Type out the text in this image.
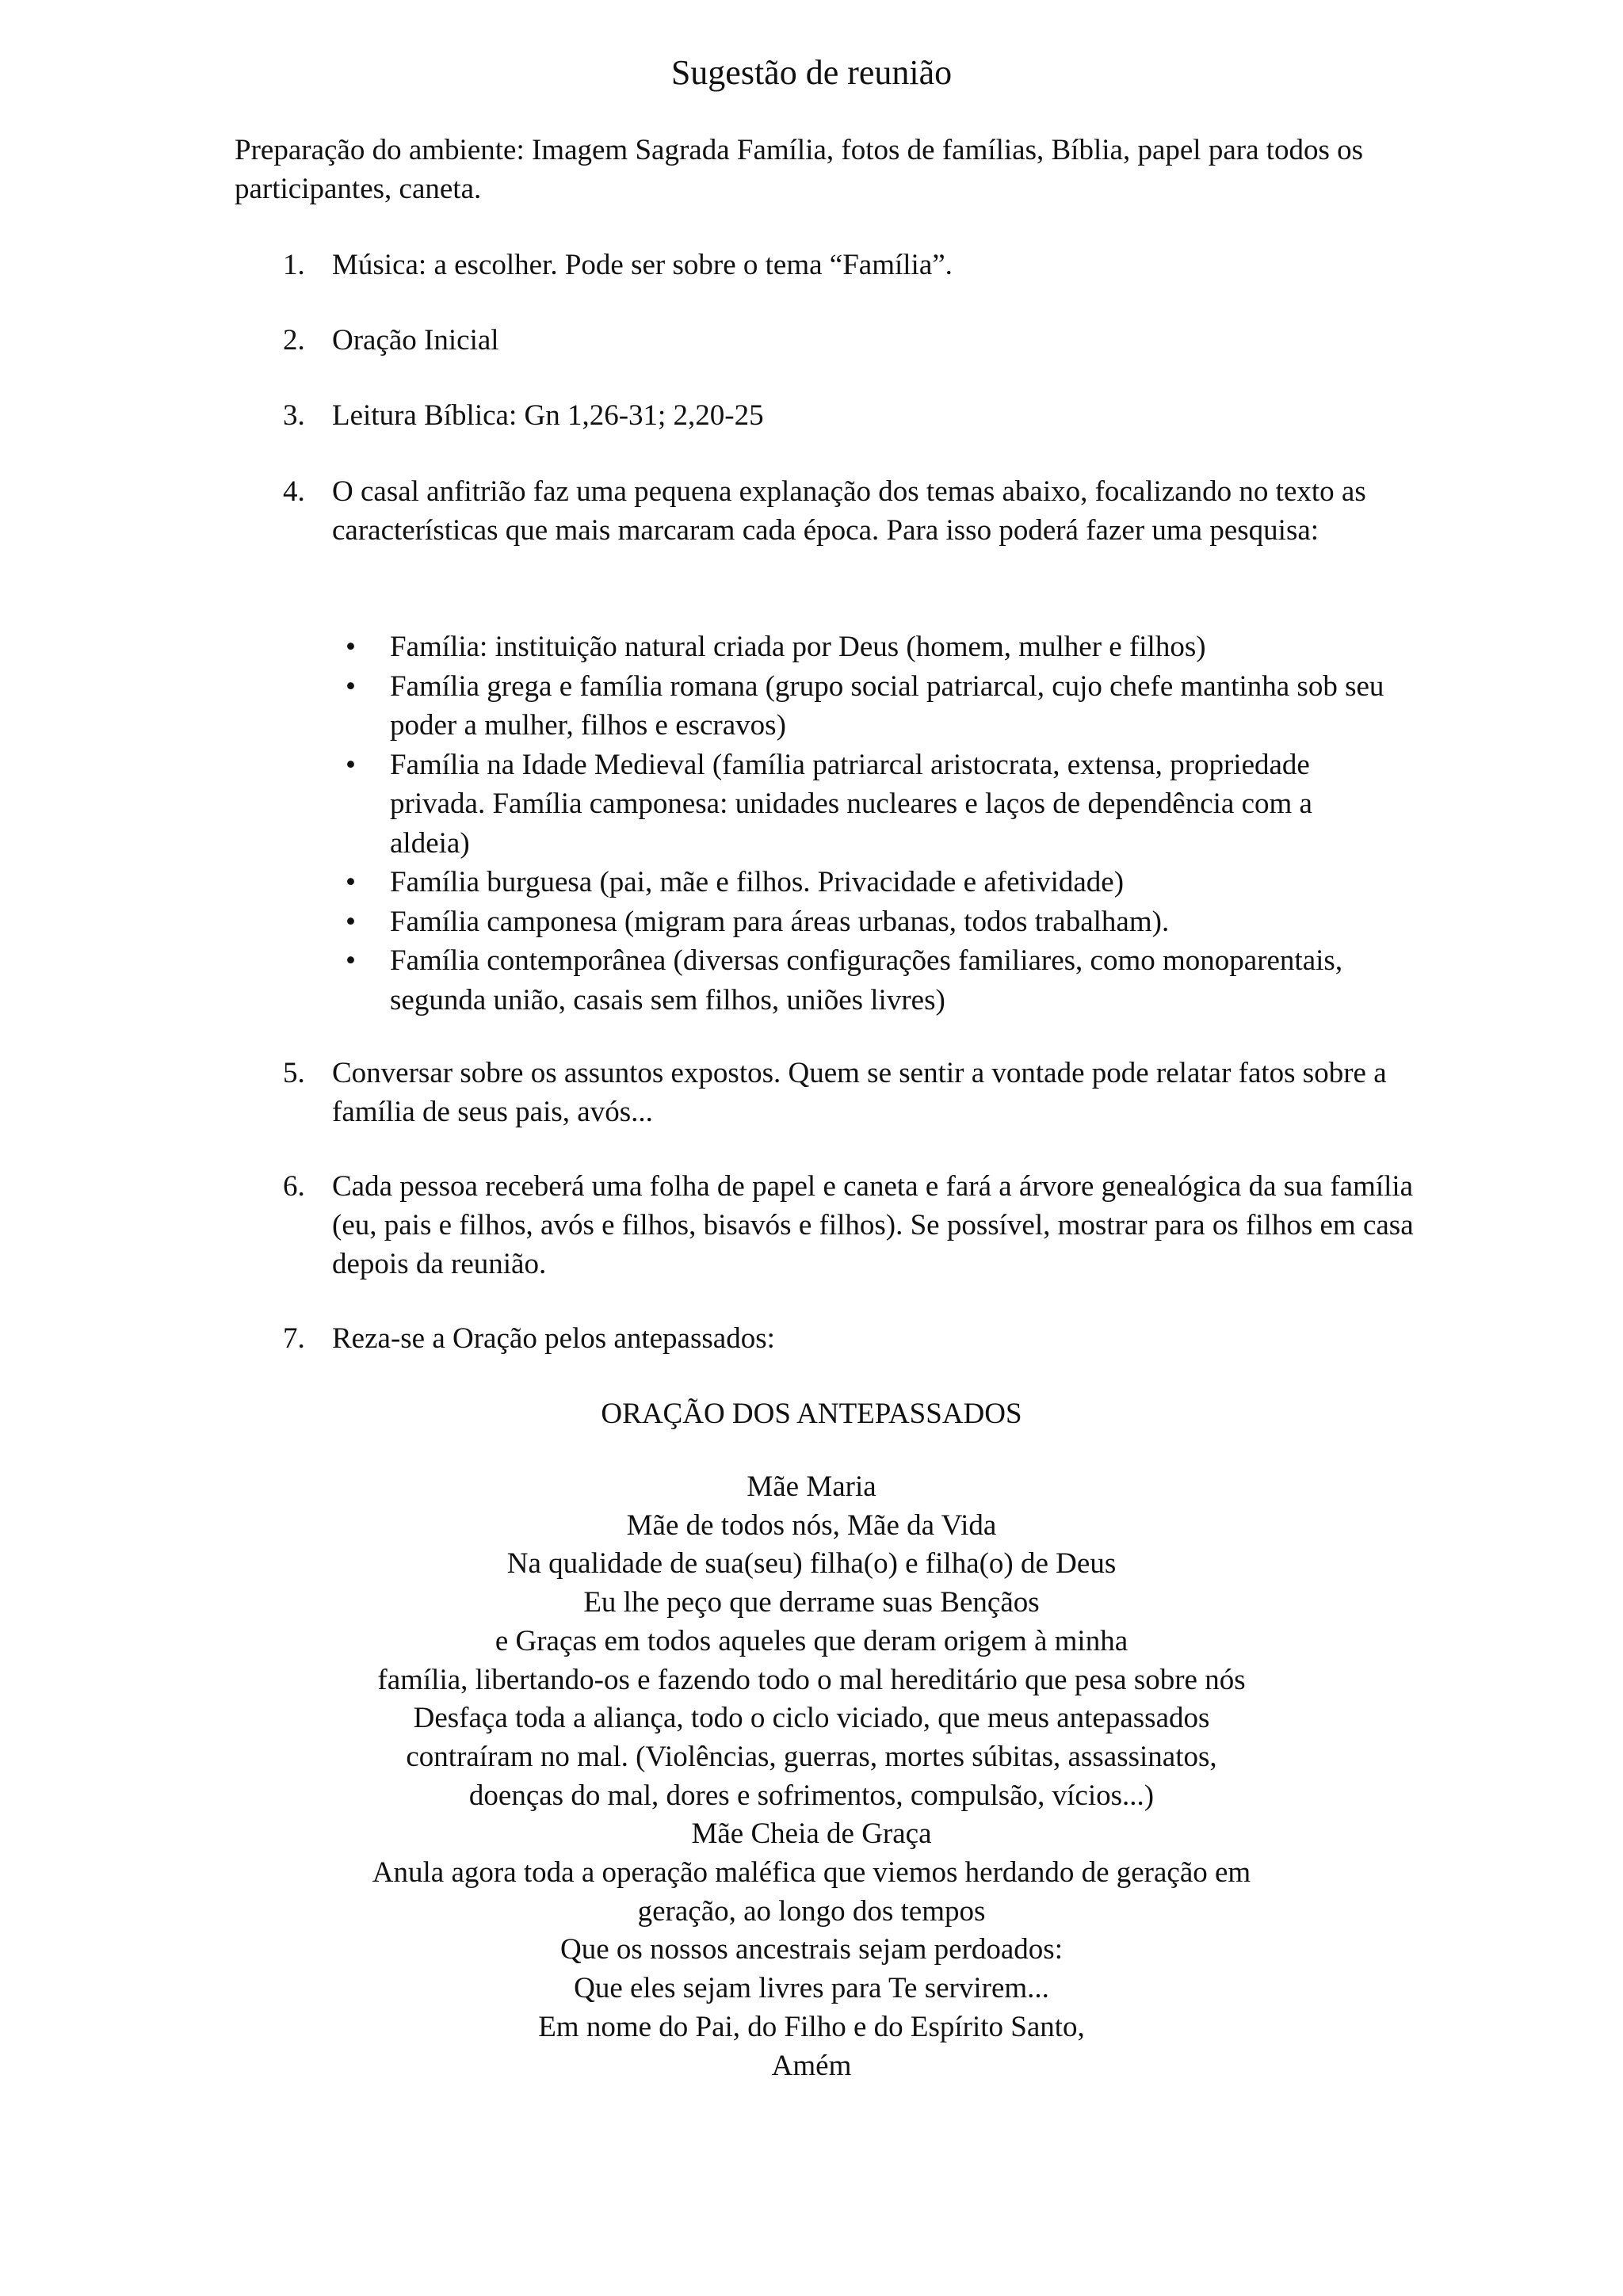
Sugestão de reunião

Preparação do ambiente: Imagem Sagrada Família, fotos de famílias, Bíblia, papel para todos os participantes, caneta.

1. Música: a escolher. Pode ser sobre o tema “Família”.
2. Oração Inicial
3. Leitura Bíblica: Gn 1,26-31; 2,20-25
4. O casal anfitrião faz uma pequena explanação dos temas abaixo, focalizando no texto as características que mais marcaram cada época. Para isso poderá fazer uma pesquisa:
• Família: instituição natural criada por Deus (homem, mulher e filhos)
• Família grega e família romana (grupo social patriarcal, cujo chefe mantinha sob seu poder a mulher, filhos e escravos)
• Família na Idade Medieval (família patriarcal aristocrata, extensa, propriedade privada. Família camponesa: unidades nucleares e laços de dependência com a aldeia)
• Família burguesa (pai, mãe e filhos. Privacidade e afetividade)
• Família camponesa (migram para áreas urbanas, todos trabalham).
• Família contemporânea (diversas configurações familiares, como monoparentais, segunda união, casais sem filhos, uniões livres)
5. Conversar sobre os assuntos expostos. Quem se sentir a vontade pode relatar fatos sobre a família de seus pais, avós...
6. Cada pessoa receberá uma folha de papel e caneta e fará a árvore genealógica da sua família (eu, pais e filhos, avós e filhos, bisavós e filhos). Se possível, mostrar para os filhos em casa depois da reunião.
7. Reza-se a Oração pelos antepassados:
ORAÇÃO DOS ANTEPASSADOS
Mãe Maria
Mãe de todos nós, Mãe da Vida
Na qualidade de sua(seu) filha(o) e filha(o) de Deus
Eu lhe peço que derrame suas Bençãos
e Graças em todos aqueles que deram origem à minha
família, libertando-os e fazendo todo o mal hereditário que pesa sobre nós
Desfaça toda a aliança, todo o ciclo viciado, que meus antepassados
contraíram no mal. (Violências, guerras, mortes súbitas, assassinatos,
doenças do mal, dores e sofrimentos, compulsão, vícios...)
Mãe Cheia de Graça
Anula agora toda a operação maléfica que viemos herdando de geração em
geração, ao longo dos tempos
Que os nossos ancestrais sejam perdoados:
Que eles sejam livres para Te servirem...
Em nome do Pai, do Filho e do Espírito Santo,
Amém
